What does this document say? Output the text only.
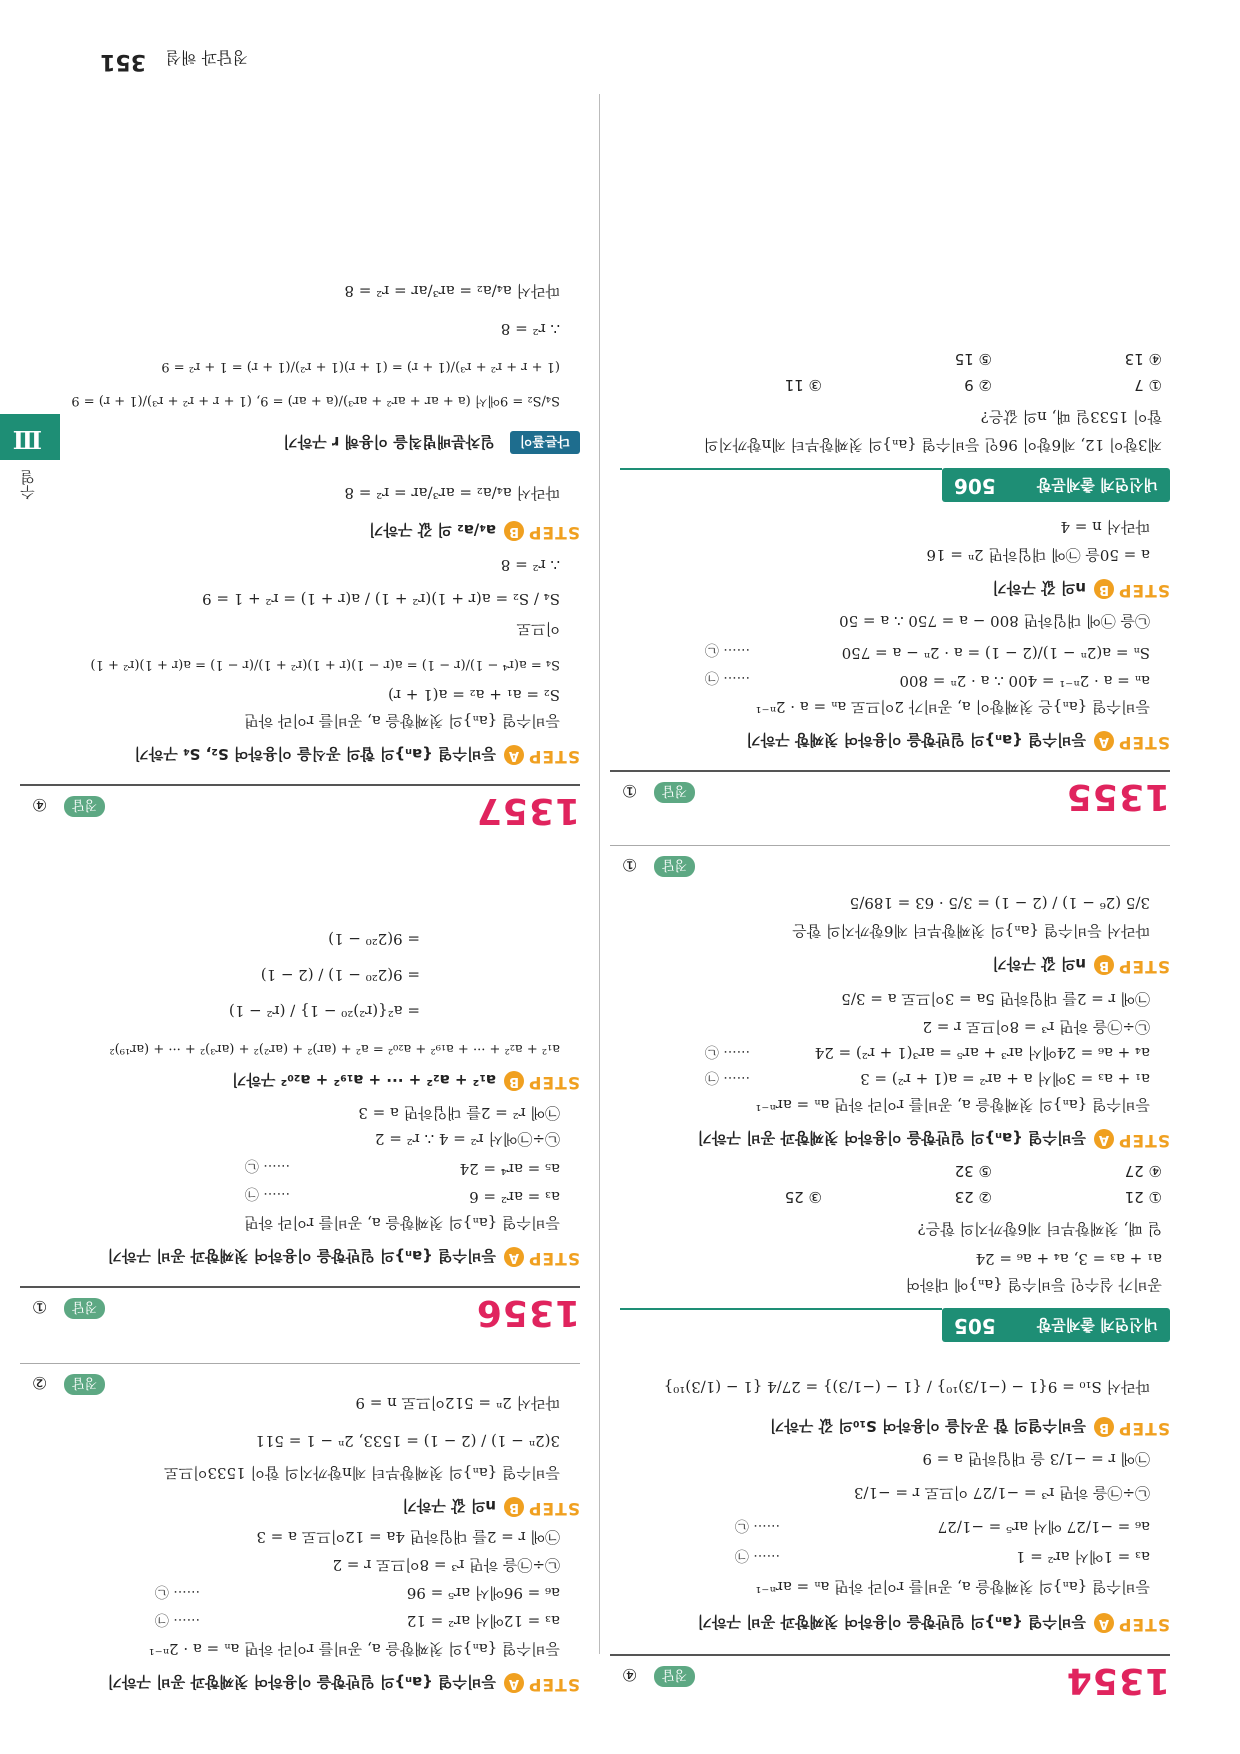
정답과 해설
351
수열
Ⅲ
1354
정답
④
STEP
A
등비수열 {aₙ}의 일반항을 이용하여 첫째항과 공비 구하기
등비수열 {aₙ}의 첫째항을 a, 공비를 r이라 하면 aₙ = arⁿ⁻¹
a₃ = 1에서 ar² = 1
······ ㉠
a₆ = −1/27 에서 ar⁵ = −1/27
······ ㉡
㉡÷㉠을 하면 r³ = −1/27 이므로 r = −1/3
㉠에 r = −1/3 을 대입하면 a = 9
STEP
B
등비수열의 합 공식을 이용하여 S₁₀의 값 구하기
따라서 S₁₀ = 9{1 − (−1/3)¹⁰} / {1 − (−1/3)} = 27/4 {1 − (1/3)¹⁰}
내신연계 출제문항
505
공비가 실수인 등비수열 {aₙ}에 대하여
a₁ + a₃ = 3, a₄ + a₆ = 24
일 때, 첫째항부터 제6항까지의 합은?
① 21
② 23
③ 25
④ 27
⑤ 32
STEP
A
등비수열 {aₙ}의 일반항을 이용하여 첫째항과 공비 구하기
등비수열 {aₙ}의 첫째항을 a, 공비를 r이라 하면 aₙ = arⁿ⁻¹
a₁ + a₃ = 3에서 a + ar² = a(1 + r²) = 3
······ ㉠
a₄ + a₆ = 24에서 ar³ + ar⁵ = ar³(1 + r²) = 24
······ ㉡
㉡÷㉠을 하면 r³ = 8이므로 r = 2
㉠에 r = 2를 대입하면 5a = 3이므로 a = 3/5
STEP
B
n의 값 구하기
따라서 등비수열 {aₙ}의 첫째항부터 제6항까지의 합은
3/5 (2⁶ − 1) / (2 − 1) = 3/5 · 63 = 189/5
정답
①
1355
정답
①
STEP
A
등비수열 {aₙ}의 일반항을 이용하여 첫째항 구하기
등비수열 {aₙ}은 첫째항이 a, 공비가 2이므로 aₙ = a · 2ⁿ⁻¹
aₙ = a · 2ⁿ⁻¹ = 400 ∴ a · 2ⁿ = 800
······ ㉠
Sₙ = a(2ⁿ − 1)/(2 − 1) = a · 2ⁿ − a = 750
······ ㉡
㉡을 ㉠에 대입하면 800 − a = 750 ∴ a = 50
STEP
B
n의 값 구하기
a = 50을 ㉠에 대입하면 2ⁿ = 16
따라서 n = 4
내신연계 출제문항
506
제3항이 12, 제6항이 96인 등비수열 {aₙ}의 첫째항부터 제n항까지의
합이 1533일 때, n의 값은?
① 7
② 9
③ 11
④ 13
⑤ 15
STEP
A
등비수열 {aₙ}의 일반항을 이용하여 첫째항과 공비 구하기
등비수열 {aₙ}의 첫째항을 a, 공비를 r이라 하면 aₙ = a · 2ⁿ⁻¹
a₃ = 12에서 ar² = 12
······ ㉠
a₆ = 96에서 ar⁵ = 96
······ ㉡
㉡÷㉠을 하면 r³ = 8이므로 r = 2
㉠에 r = 2를 대입하면 4a = 12이므로 a = 3
STEP
B
n의 값 구하기
등비수열 {aₙ}의 첫째항부터 제n항까지의 합이 1533이므로
3(2ⁿ − 1) / (2 − 1) = 1533, 2ⁿ − 1 = 511
따라서 2ⁿ = 512이므로 n = 9
정답
②
1356
정답
①
STEP
A
등비수열 {aₙ}의 일반항을 이용하여 첫째항과 공비 구하기
등비수열 {aₙ}의 첫째항을 a, 공비를 r이라 하면
a₃ = ar² = 6
······ ㉠
a₅ = ar⁴ = 24
······ ㉡
㉡÷㉠에서 r² = 4 ∴ r² = 2
㉠에 r² = 2를 대입하면 a = 3
STEP
B
a₁² + a₂² + ··· + a₁₉² + a₂₀² 구하기
a₁² + a₂² + ··· + a₁₉² + a₂₀² = a² + (ar)² + (ar²)² + (ar³)² + ··· + (ar¹⁹)²
= a²{(r²)²⁰ − 1} / (r² − 1)
= 9(2²⁰ − 1) / (2 − 1)
= 9(2²⁰ − 1)
1357
정답
④
STEP
A
등비수열 {aₙ}의 합의 공식을 이용하여 S₂, S₄ 구하기
등비수열 {aₙ}의 첫째항을 a, 공비를 r이라 하면
S₂ = a₁ + a₂ = a(1 + r)
S₄ = a(r⁴ − 1)/(r − 1) = a(r − 1)(r + 1)(r² + 1)/(r − 1) = a(r + 1)(r² + 1)
이므로
S₄ / S₂ = a(r + 1)(r² + 1) / a(r + 1) = r² + 1 = 9
∴ r² = 8
STEP
B
a₄/a₂ 의 값 구하기
따라서 a₄/a₂ = ar³/ar = r² = 8
다른풀이 일차분배법칙을 이용해 r 구하기
S₄/S₂ = 9에서 (a + ar + ar² + ar³)/(a + ar) = 9, (1 + r + r² + r³)/(1 + r) = 9
(1 + r + r² + r³)/(1 + r) = (1 + r)(1 + r²)/(1 + r) = 1 + r² = 9
∴ r² = 8
따라서 a₄/a₂ = ar³/ar = r² = 8
